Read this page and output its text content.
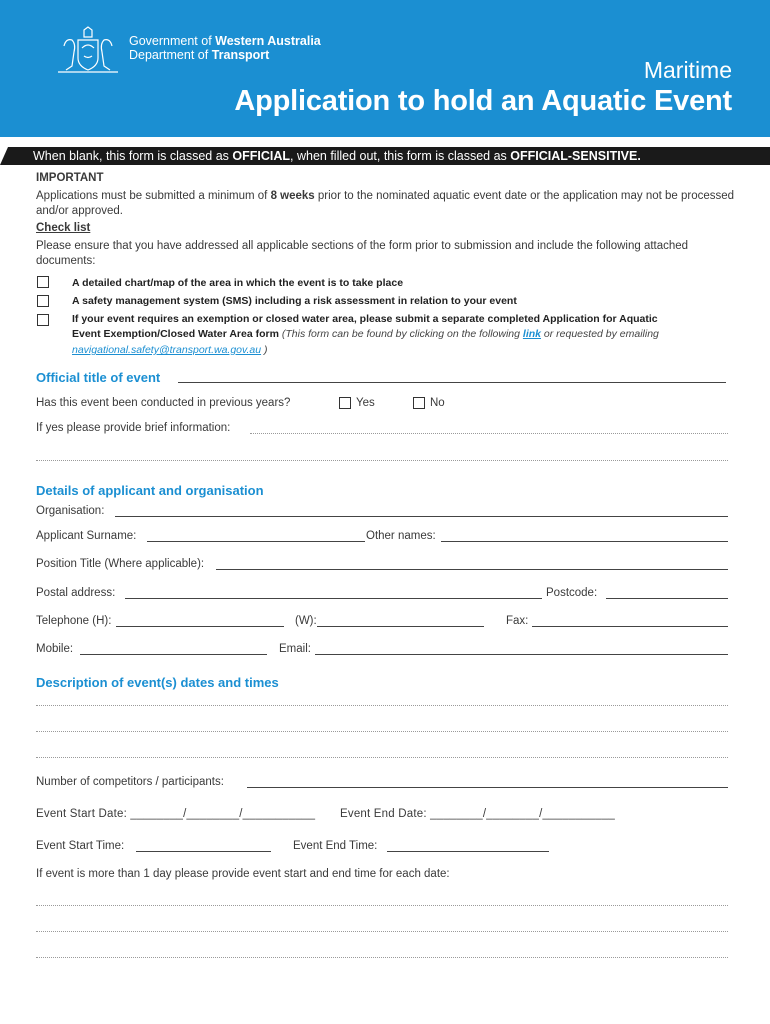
Government of Western Australia
Department of Transport
Maritime
Application to hold an Aquatic Event
When blank, this form is classed as OFFICIAL, when filled out, this form is classed as OFFICIAL-SENSITIVE.
IMPORTANT
Applications must be submitted a minimum of 8 weeks prior to the nominated aquatic event date or the application may not be processed and/or approved.
Check list
Please ensure that you have addressed all applicable sections of the form prior to submission and include the following attached documents:
A detailed chart/map of the area in which the event is to take place
A safety management system (SMS) including a risk assessment in relation to your event
If your event requires an exemption or closed water area, please submit a separate completed Application for Aquatic
Event Exemption/Closed Water Area form (This form can be found by clicking on the following link or requested by emailing
navigational.safety@transport.wa.gov.au )
Official title of event
Has this event been conducted in previous years?	Yes	No
If yes please provide brief information:
Details of applicant and organisation
Organisation:
Applicant Surname:	Other names:
Position Title (Where applicable):
Postal address:	Postcode:
Telephone (H):	(W):	Fax:
Mobile:	Email:
Description of event(s) dates and times
Number of competitors / participants:
Event Start Date: ________/________/___________ Event End Date: ________/________/___________
Event Start Time:	Event End Time:
If event is more than 1 day please provide event start and end time for each date:
